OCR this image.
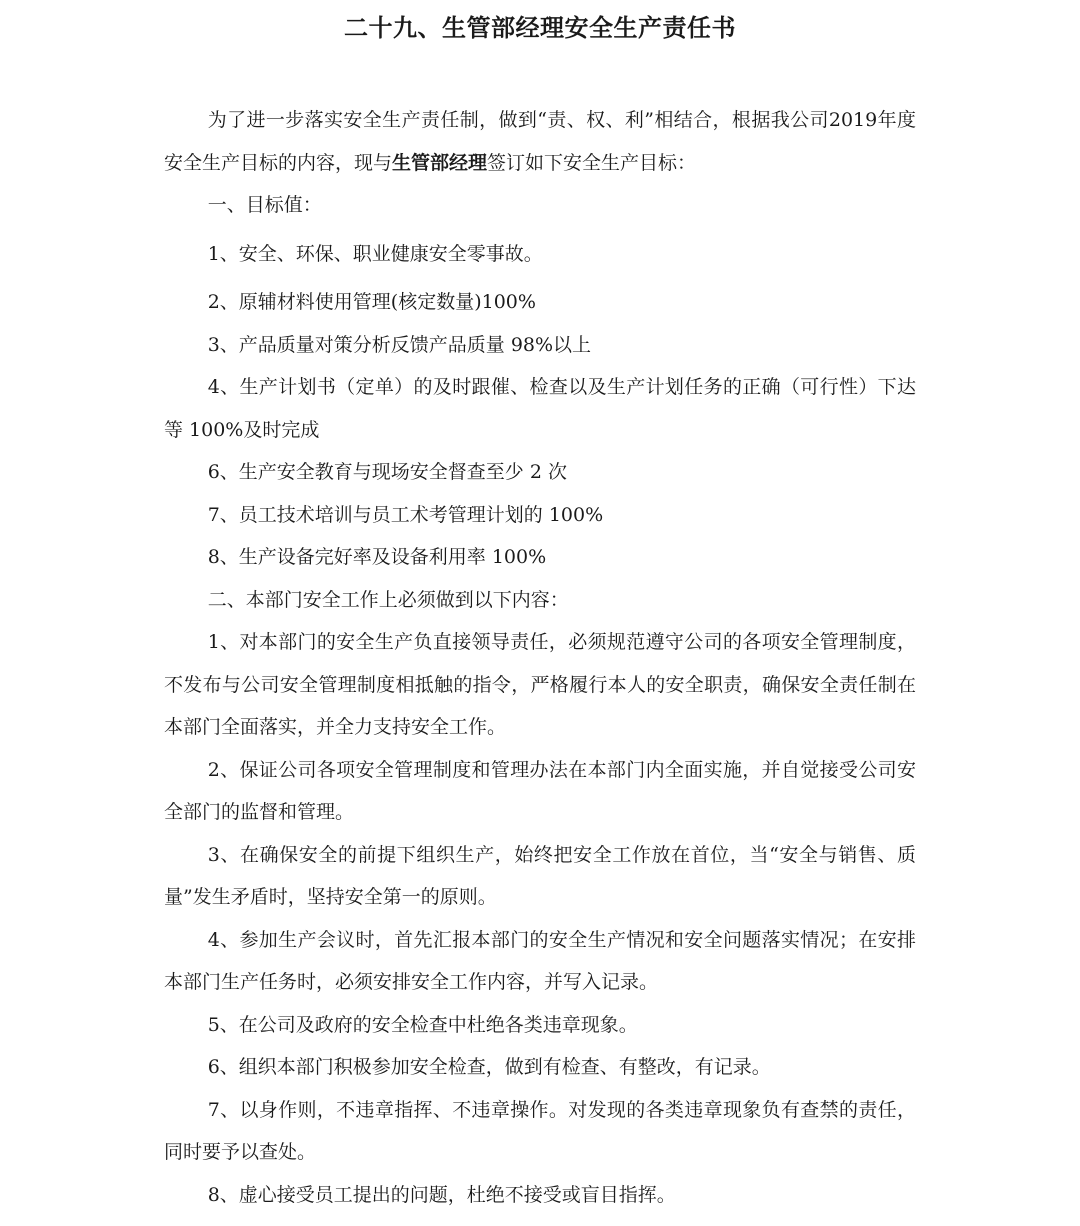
二十九、生管部经理安全生产责任书

为了进一步落实安全生产责任制，做到“责、权、利”相结合，根据我公司2019年度安全生产目标的内容，现与生管部经理签订如下安全生产目标：

一、目标值：

1、安全、环保、职业健康安全零事故。

2、原辅材料使用管理(核定数量)100%

3、产品质量对策分析反馈产品质量 98%以上

4、生产计划书（定单）的及时跟催、检查以及生产计划任务的正确（可行性）下达等 100%及时完成

6、生产安全教育与现场安全督查至少 2 次

7、员工技术培训与员工术考管理计划的 100%

8、生产设备完好率及设备利用率 100%

二、本部门安全工作上必须做到以下内容：

1、对本部门的安全生产负直接领导责任，必须规范遵守公司的各项安全管理制度，不发布与公司安全管理制度相抵触的指令，严格履行本人的安全职责，确保安全责任制在本部门全面落实，并全力支持安全工作。

2、保证公司各项安全管理制度和管理办法在本部门内全面实施，并自觉接受公司安全部门的监督和管理。

3、在确保安全的前提下组织生产，始终把安全工作放在首位，当“安全与销售、质量”发生矛盾时，坚持安全第一的原则。

4、参加生产会议时，首先汇报本部门的安全生产情况和安全问题落实情况；在安排本部门生产任务时，必须安排安全工作内容，并写入记录。

5、在公司及政府的安全检查中杜绝各类违章现象。

6、组织本部门积极参加安全检查，做到有检查、有整改，有记录。

7、以身作则，不违章指挥、不违章操作。对发现的各类违章现象负有查禁的责任，同时要予以查处。

8、虚心接受员工提出的问题，杜绝不接受或盲目指挥。
